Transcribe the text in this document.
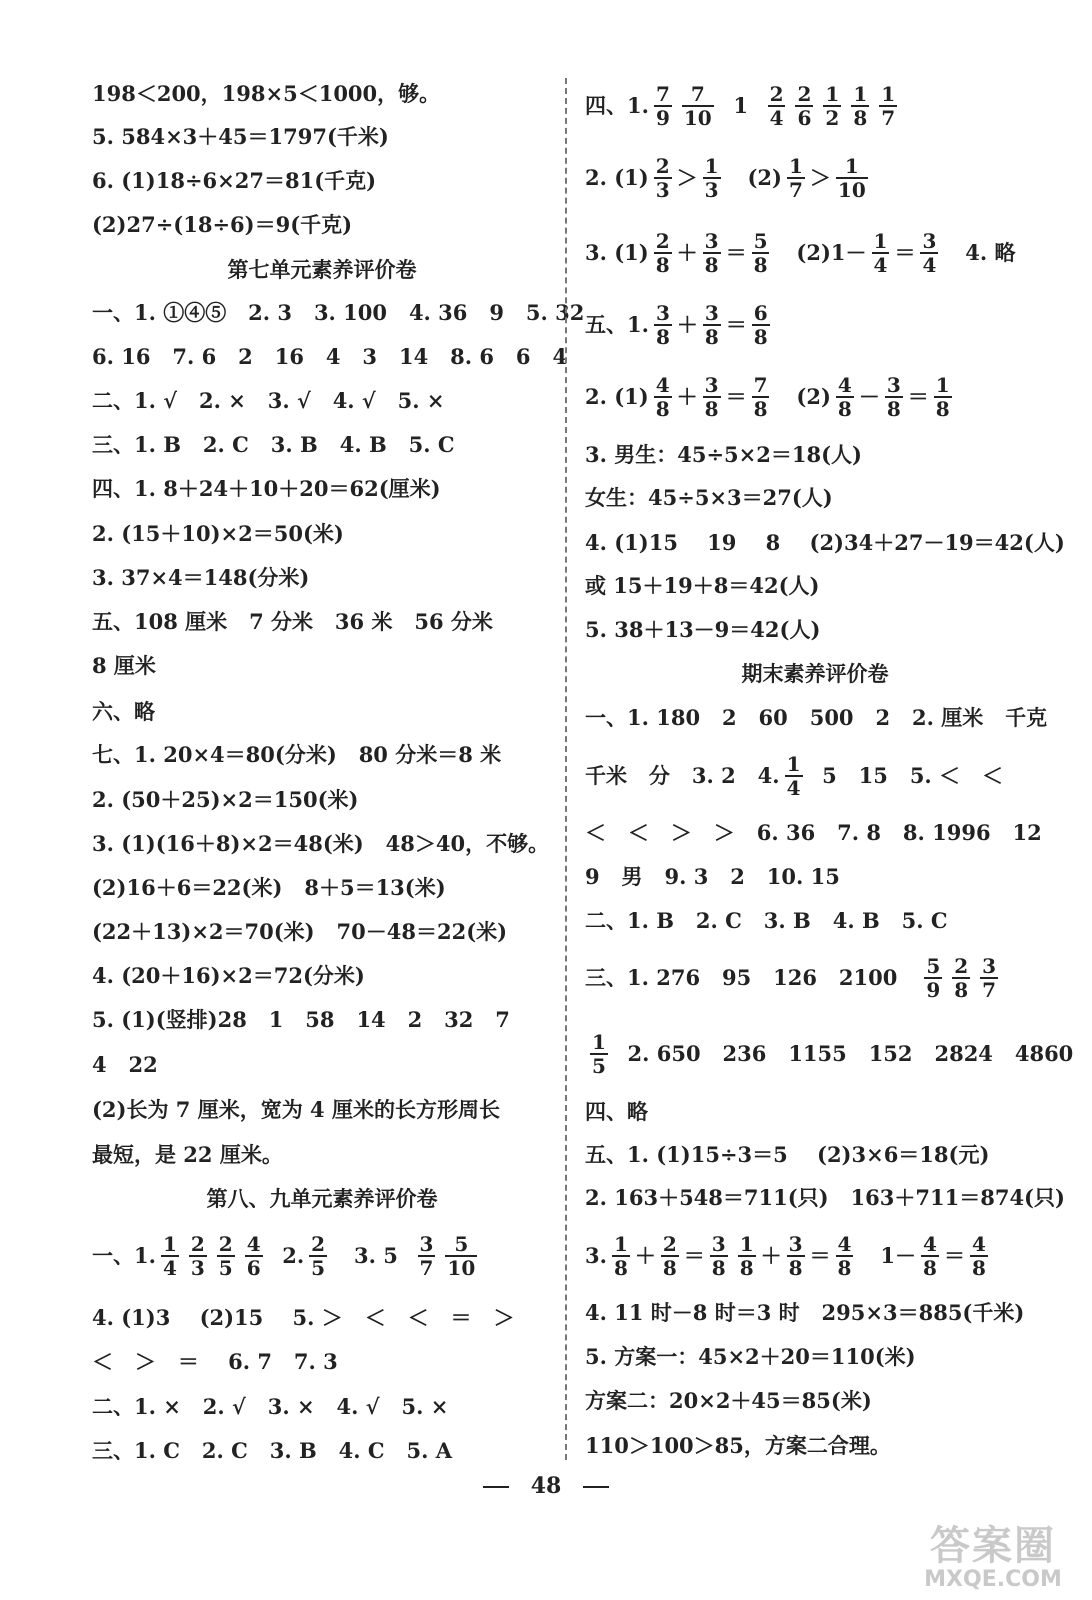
198＜200，198×5＜1000，够。
5. 584×3＋45＝1797(千米)
6. (1)18÷6×27＝81(千克)
(2)27÷(18÷6)＝9(千克)
第七单元素养评价卷
一、1. ①④⑤   2. 3   3. 100   4. 36   9   5. 32
6. 16   7. 6   2   16   4   3   14   8. 6   6   4
二、1. √   2. ×   3. √   4. √   5. ×
三、1. B   2. C   3. B   4. B   5. C
四、1. 8＋24＋10＋20＝62(厘米)
2. (15＋10)×2＝50(米)
3. 37×4＝148(分米)
五、108 厘米   7 分米   36 米   56 分米
8 厘米
六、略
七、1. 20×4＝80(分米)   80 分米＝8 米
2. (50＋25)×2＝150(米)
3. (1)(16＋8)×2＝48(米)   48＞40，不够。
(2)16＋6＝22(米)   8＋5＝13(米)
(22＋13)×2＝70(米)   70－48＝22(米)
4. (20＋16)×2＝72(分米)
5. (1)(竖排)28   1   58   14   2   32   7
4   22
(2)长为 7 厘米，宽为 4 厘米的长方形周长
最短，是 22 厘米。
第八、九单元素养评价卷
一、1. $\frac{1}{4} \frac{2}{3} \frac{2}{5} \frac{4}{6} 2$. $\frac{2}{5} 3$. $5 \frac{3}{7} \frac{5}{10}$
4. (1)3    (2)15    5. ＞   ＜   ＜   ＝   ＞
＜   ＞   ＝    6. 7   7. 3
二、1. ×   2. √   3. ×   4. √   5. ×
三、1. C   2. C   3. B   4. C   5. A
四、1. $\frac{7}{9} \frac{7}{10} 1 \frac{2}{4} \frac{2}{6} \frac{1}{2} \frac{1}{8} \frac{1}{7}$
2. $(1) \frac{2}{3} > \frac{1}{3} (2) \frac{1}{7} > \frac{1}{10}$
3. $(1) \frac{2}{8} + \frac{3}{8} = \frac{5}{8} (2)1- \frac{1}{4} = \frac{3}{4} 4$. 略
五、1. $\frac{3}{8} + \frac{3}{8} = \frac{6}{8}$
2. $(1) \frac{4}{8} + \frac{3}{8} = \frac{7}{8} (2) \frac{4}{8} - \frac{3}{8} = \frac{1}{8}$
3. 男生：45÷5×2＝18(人)
女生：45÷5×3＝27(人)
4. (1)15    19    8    (2)34＋27－19＝42(人)
或 15＋19＋8＝42(人)
5. 38＋13－9＝42(人)
期末素养评价卷
一、1. 180   2   60   500   2   2. 厘米   千克
千米   分   3. 2   4. $\frac{1}{4} 5$   15   5. ＜   ＜
＜   ＜   ＞   ＞   6. 36   7. 8   8. 1996   12
9   男   9. 3   2   10. 15
二、1. B   2. C   3. B   4. B   5. C
三、1. 276   95   126   $2100 \frac{5}{9} \frac{2}{8} \frac{3}{7}$
$\frac{1}{5} 2$. 650   236   1155   152   2824   4860
四、略
五、1. (1)15÷3＝5    (2)3×6＝18(元)
2. 163＋548＝711(只)   163＋711＝874(只)
3. $\frac{1}{8} + \frac{2}{8} = \frac{3}{8} \frac{1}{8} + \frac{3}{8} = \frac{4}{8} 1- \frac{4}{8} = \frac{4}{8}$
4. 11 时－8 时＝3 时   295×3＝885(千米)
5. 方案一：45×2＋20＝110(米)
方案二：20×2＋45＝85(米)
110＞100＞85，方案二合理。
48
答案圈
MXQE.COM
